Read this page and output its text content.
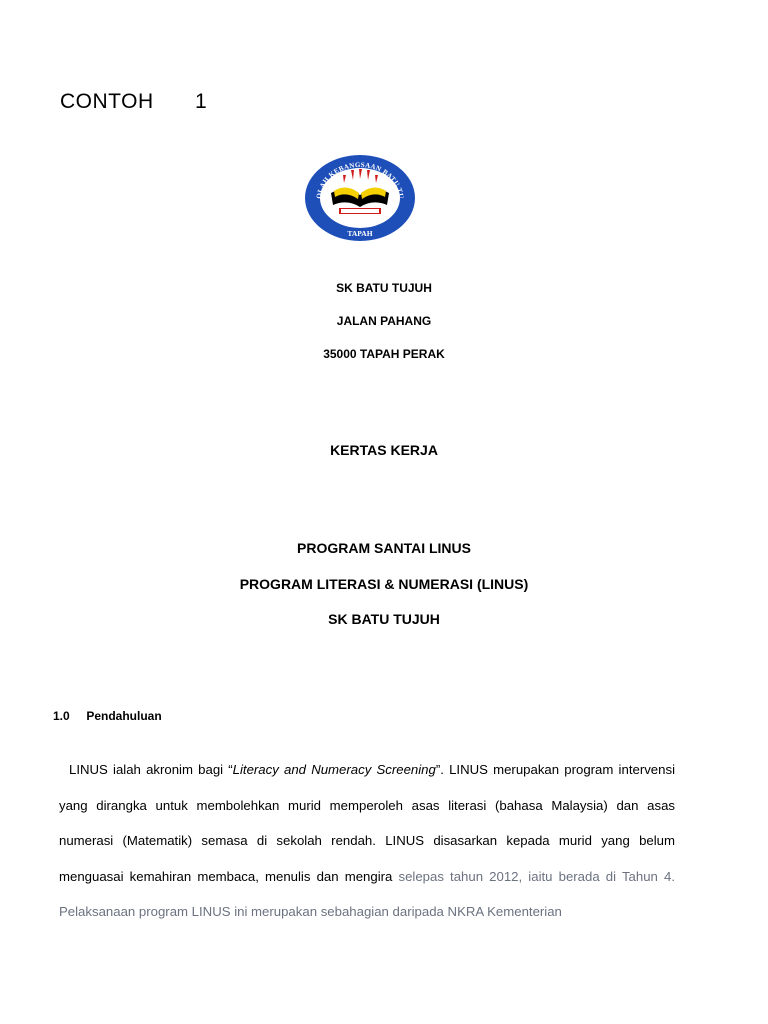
CONTOH 1
OLAH KEBANGSAAN BATU TU
TAPAH
SK BATU TUJUH
JALAN PAHANG
35000 TAPAH PERAK
KERTAS KERJA
PROGRAM SANTAI LINUS
PROGRAM LITERASI & NUMERASI (LINUS)
SK BATU TUJUH
1.0 Pendahuluan
LINUS ialah akronim bagi “Literacy and Numeracy Screening”. LINUS merupakan program intervensi yang dirangka untuk membolehkan murid memperoleh asas literasi (bahasa Malaysia) dan asas numerasi (Matematik) semasa di sekolah rendah. LINUS disasarkan kepada murid yang belum menguasai kemahiran membaca, menulis dan mengira selepas tahun 2012, iaitu berada di Tahun 4. Pelaksanaan program LINUS ini merupakan sebahagian daripada NKRA Kementerian
